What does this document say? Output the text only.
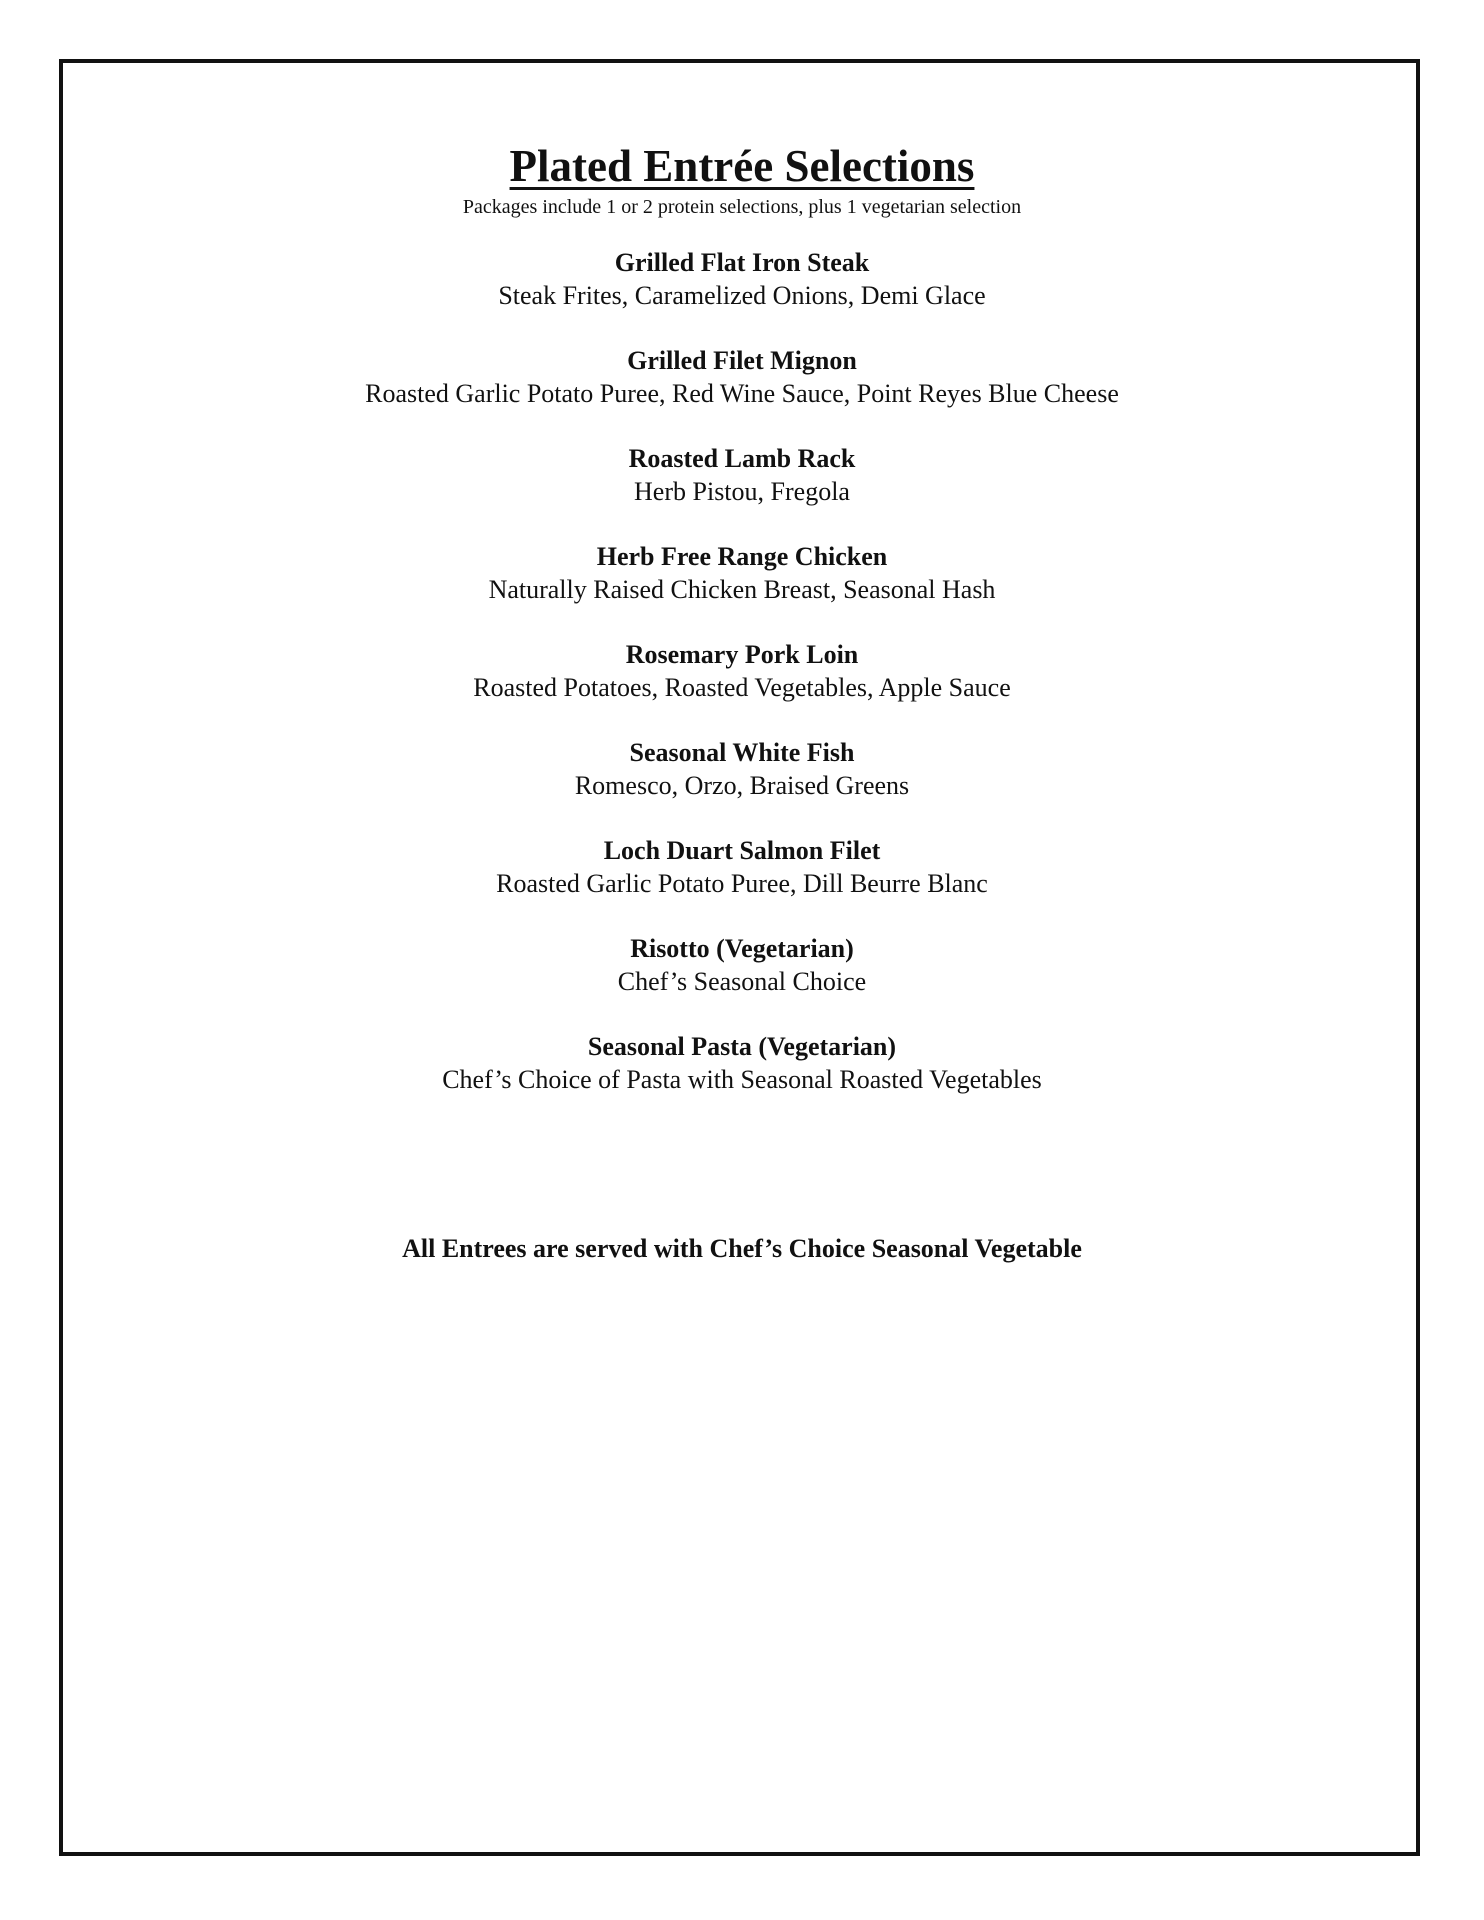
Plated Entrée Selections

Packages include 1 or 2 protein selections, plus 1 vegetarian selection

Grilled Flat Iron Steak
Steak Frites, Caramelized Onions, Demi Glace
Grilled Filet Mignon
Roasted Garlic Potato Puree, Red Wine Sauce, Point Reyes Blue Cheese
Roasted Lamb Rack
Herb Pistou, Fregola
Herb Free Range Chicken
Naturally Raised Chicken Breast, Seasonal Hash
Rosemary Pork Loin
Roasted Potatoes, Roasted Vegetables, Apple Sauce
Seasonal White Fish
Romesco, Orzo, Braised Greens
Loch Duart Salmon Filet
Roasted Garlic Potato Puree, Dill Beurre Blanc
Risotto (Vegetarian)
Chef’s Seasonal Choice
Seasonal Pasta (Vegetarian)
Chef’s Choice of Pasta with Seasonal Roasted Vegetables
All Entrees are served with Chef’s Choice Seasonal Vegetable
